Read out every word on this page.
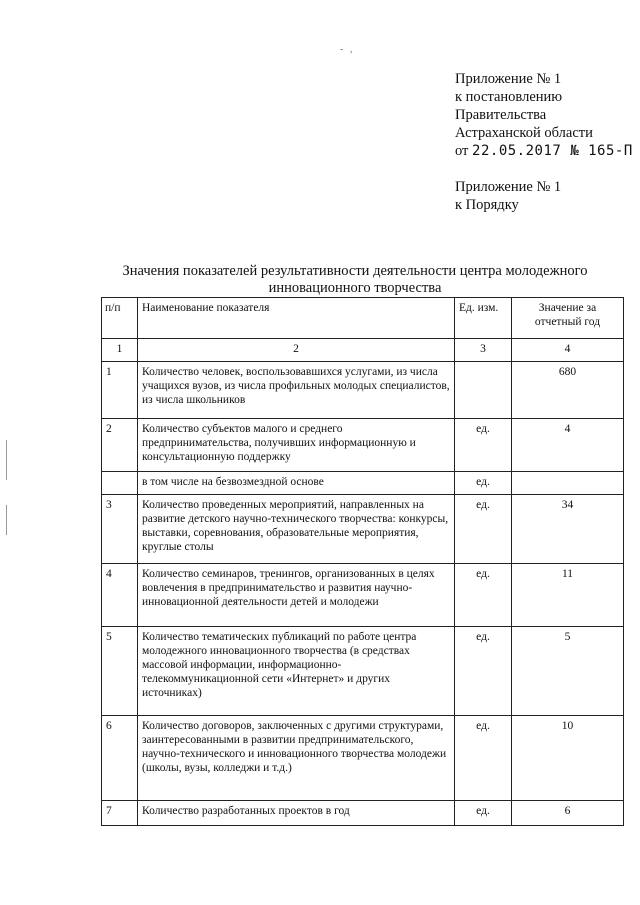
- ,
Приложение № 1
к постановлению
Правительства
Астраханской области
от 22.05.2017 № 165-П
Приложение № 1
к Порядку
Значения показателей результативности деятельности центра молодежного
инновационного творчества
п/п	Наименование показателя	Ед. изм.	Значение за отчетный год
1	2	3	4
1	Количество человек, воспользовавшихся услугами, из числа учащихся вузов, из числа профильных молодых специалистов, из числа школьников		680
2	Количество субъектов малого и среднего предпринимательства, получивших информационную и консультационную поддержку	ед.	4
	в том числе на безвозмездной основе	ед.	
3	Количество проведенных мероприятий, направленных на развитие детского научно-технического творчества: конкурсы, выставки, соревнования, образовательные мероприятия, круглые столы	ед.	34
4	Количество семинаров, тренингов, организованных в целях вовлечения в предпринимательство и развития научно-инновационной деятельности детей и молодежи	ед.	11
5	Количество тематических публикаций по работе центра молодежного инновационного творчества (в средствах массовой информации, информационно-телекоммуникационной сети «Интернет» и других источниках)	ед.	5
6	Количество договоров, заключенных с другими структурами, заинтересованными в развитии предпринимательского, научно-технического и инновационного творчества молодежи (школы, вузы, колледжи и т.д.)	ед.	10
7	Количество разработанных проектов в год	ед.	6
